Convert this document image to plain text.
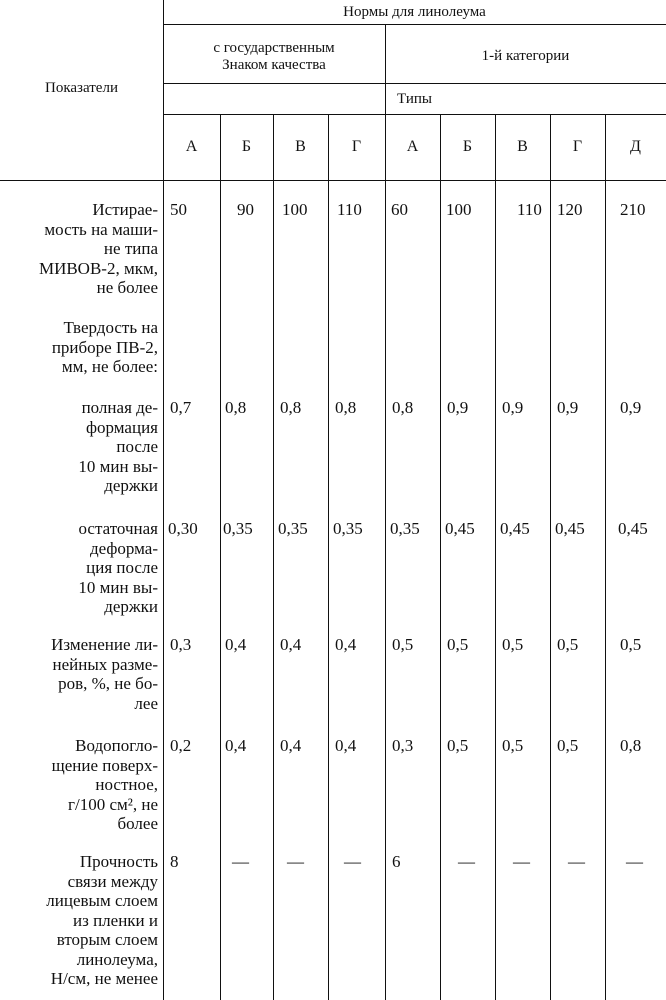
Показатели
Нормы для линолеума
с государственным
Знаком качества
1-й категории
Типы
А	Б	В	Г	А	Б	В	Г	Д
Истирае-
мость на маши-
не типа
МИВОВ-2, мкм,
не более
50	90 100 110 60 100	110 120 210
Твердость на
приборе ПВ-2,
мм, не более:
полная де-
формация
после
10 мин вы-
держки
0,7 0,8 0,8 0,8 0,8 0,9 0,9 0,9 0,9
остаточная
деформа-
ция после
10 мин вы-
держки
0,30 0,35 0,35 0,35 0,35 0,45 0,45 0,45 0,45
Изменение ли-
нейных разме-
ров, %, не бо-
лее
0,3 0,4 0,4 0,4 0,5 0,5 0,5 0,5 0,5
Водопогло-
щение поверх-
ностное,
г/100 см², не
более
0,2 0,4 0,4 0,4 0,3 0,5 0,5 0,5 0,8
Прочность
связи между
лицевым слоем
из пленки и
вторым слоем
линолеума,
Н/см, не менее
8	— — — 6	— — — —
